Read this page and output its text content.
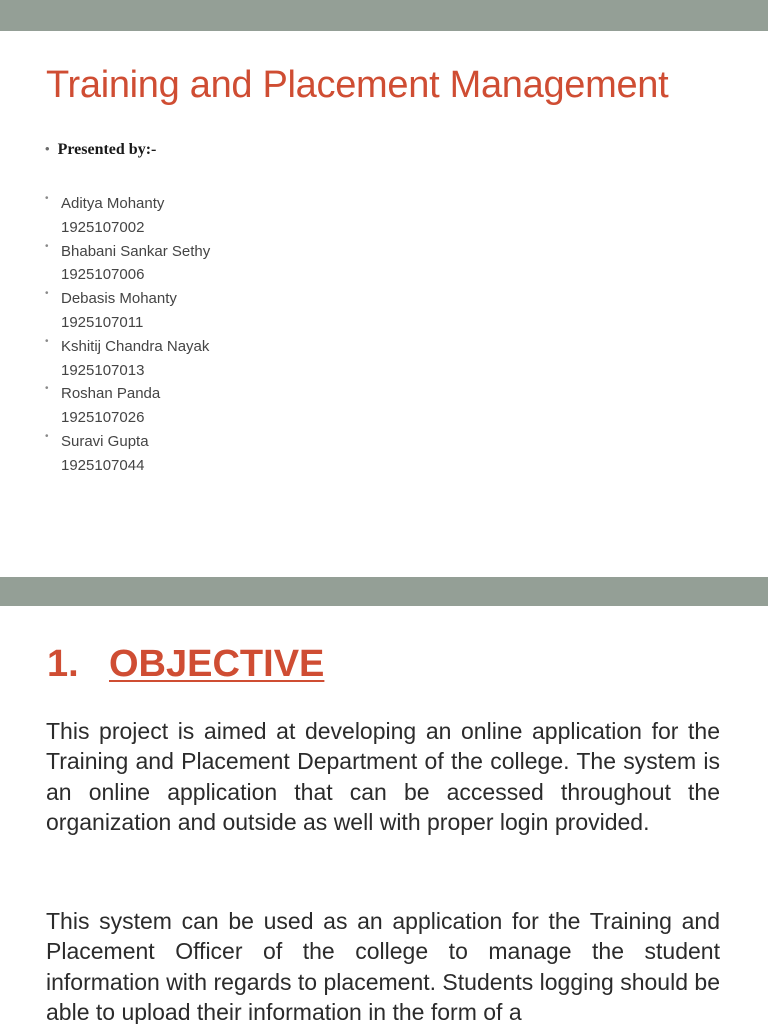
Training and Placement Management
• Presented by:-
• Aditya Mohanty
1925107002
• Bhabani Sankar Sethy
1925107006
• Debasis Mohanty
1925107011
• Kshitij Chandra Nayak
1925107013
• Roshan Panda
1925107026
• Suravi Gupta
1925107044
1. OBJECTIVE

This project is aimed at developing an online application for the Training and Placement Department of the college. The system is an online application that can be accessed throughout the organization and outside as well with proper login provided.

This system can be used as an application for the Training and Placement Officer of the college to manage the student information with regards to placement. Students logging should be able to upload their information in the form of a
